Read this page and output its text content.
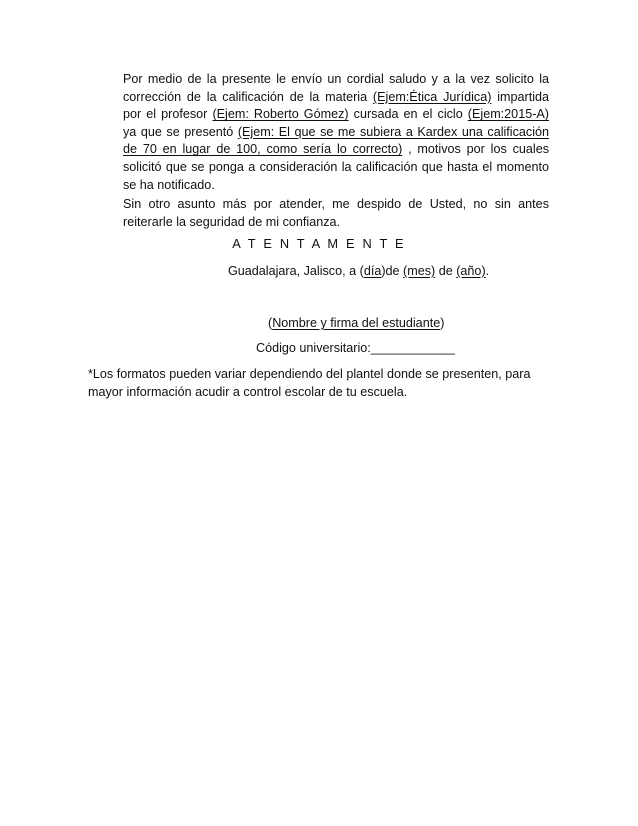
Por medio de la presente le envío un cordial saludo y a la vez solicito la corrección de la calificación de la materia (Ejem:Ética Jurídica) impartida por el profesor (Ejem: Roberto Gómez) cursada en el ciclo (Ejem:2015-A) ya que se presentó (Ejem: El que se me subiera a Kardex una calificación de 70 en lugar de 100, como sería lo correcto) , motivos por los cuales solicitó que se ponga a consideración la calificación que hasta el momento se ha notificado.

Sin otro asunto más por atender, me despido de Usted, no sin antes reiterarle la seguridad de mi confianza.

A T E N T A M E N T E

Guadalajara, Jalisco, a (día)de (mes) de (año).

(Nombre y firma del estudiante)

Código universitario:____________

*Los formatos pueden variar dependiendo del plantel donde se presenten, para mayor información acudir a control escolar de tu escuela.
